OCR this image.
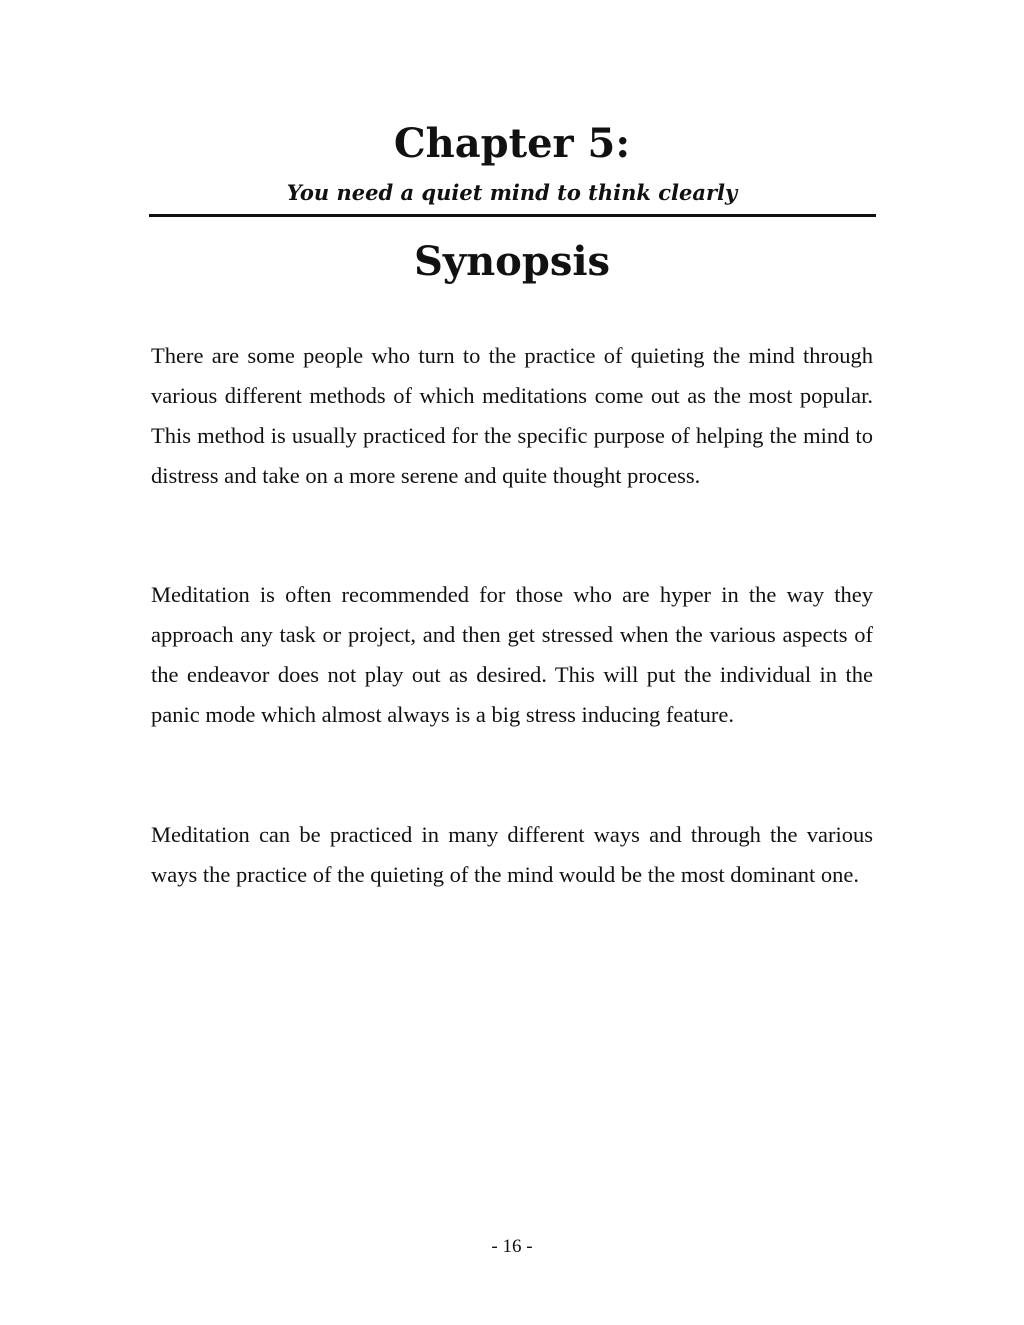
Chapter 5:

You need a quiet mind to think clearly

Synopsis

There are some people who turn to the practice of quieting the mind through various different methods of which meditations come out as the most popular. This method is usually practiced for the specific purpose of helping the mind to distress and take on a more serene and quite thought process.

Meditation is often recommended for those who are hyper in the way they approach any task or project, and then get stressed when the various aspects of the endeavor does not play out as desired. This will put the individual in the panic mode which almost always is a big stress inducing feature.

Meditation can be practiced in many different ways and through the various ways the practice of the quieting of the mind would be the most dominant one.

- 16 -
